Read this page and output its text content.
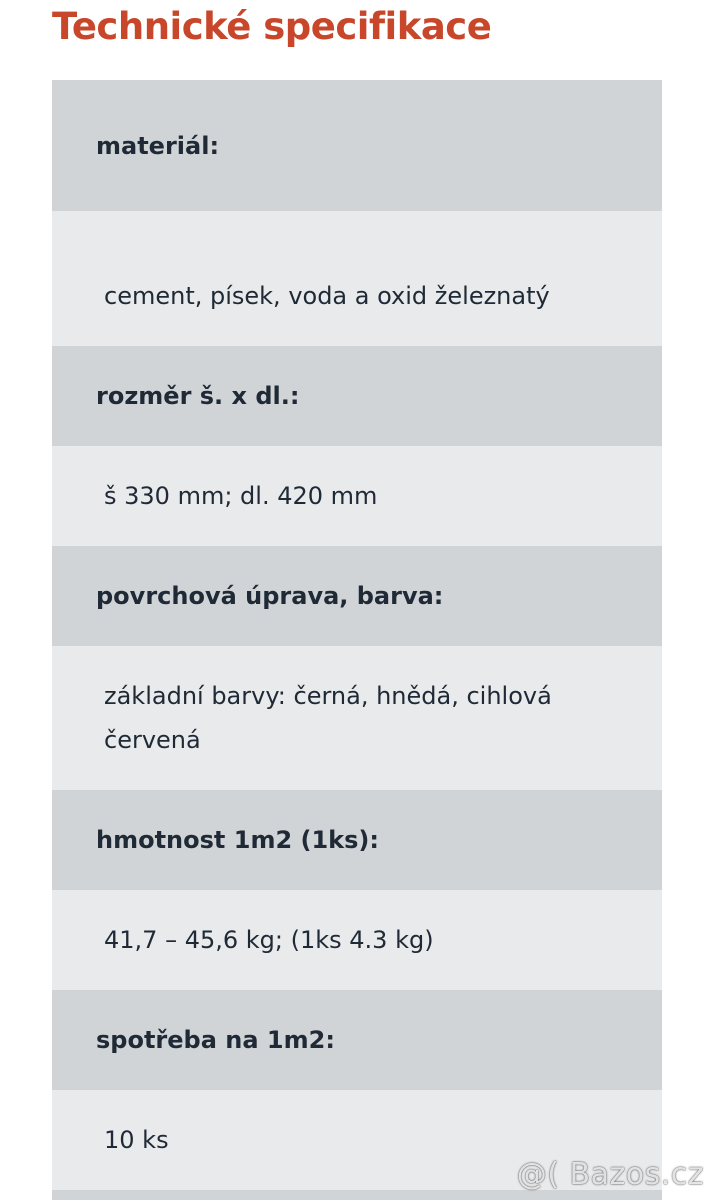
Technické specifikace
materiál:
cement, písek, voda a oxid železnatý
rozměr š. x dl.:
š 330 mm; dl. 420 mm
povrchová úprava, barva:
základní barvy: černá, hnědá, cihlová červená
hmotnost 1m2 (1ks):
41,7 – 45,6 kg; (1ks 4.3 kg)
spotřeba na 1m2:
10 ks
@( Bazos.cz
